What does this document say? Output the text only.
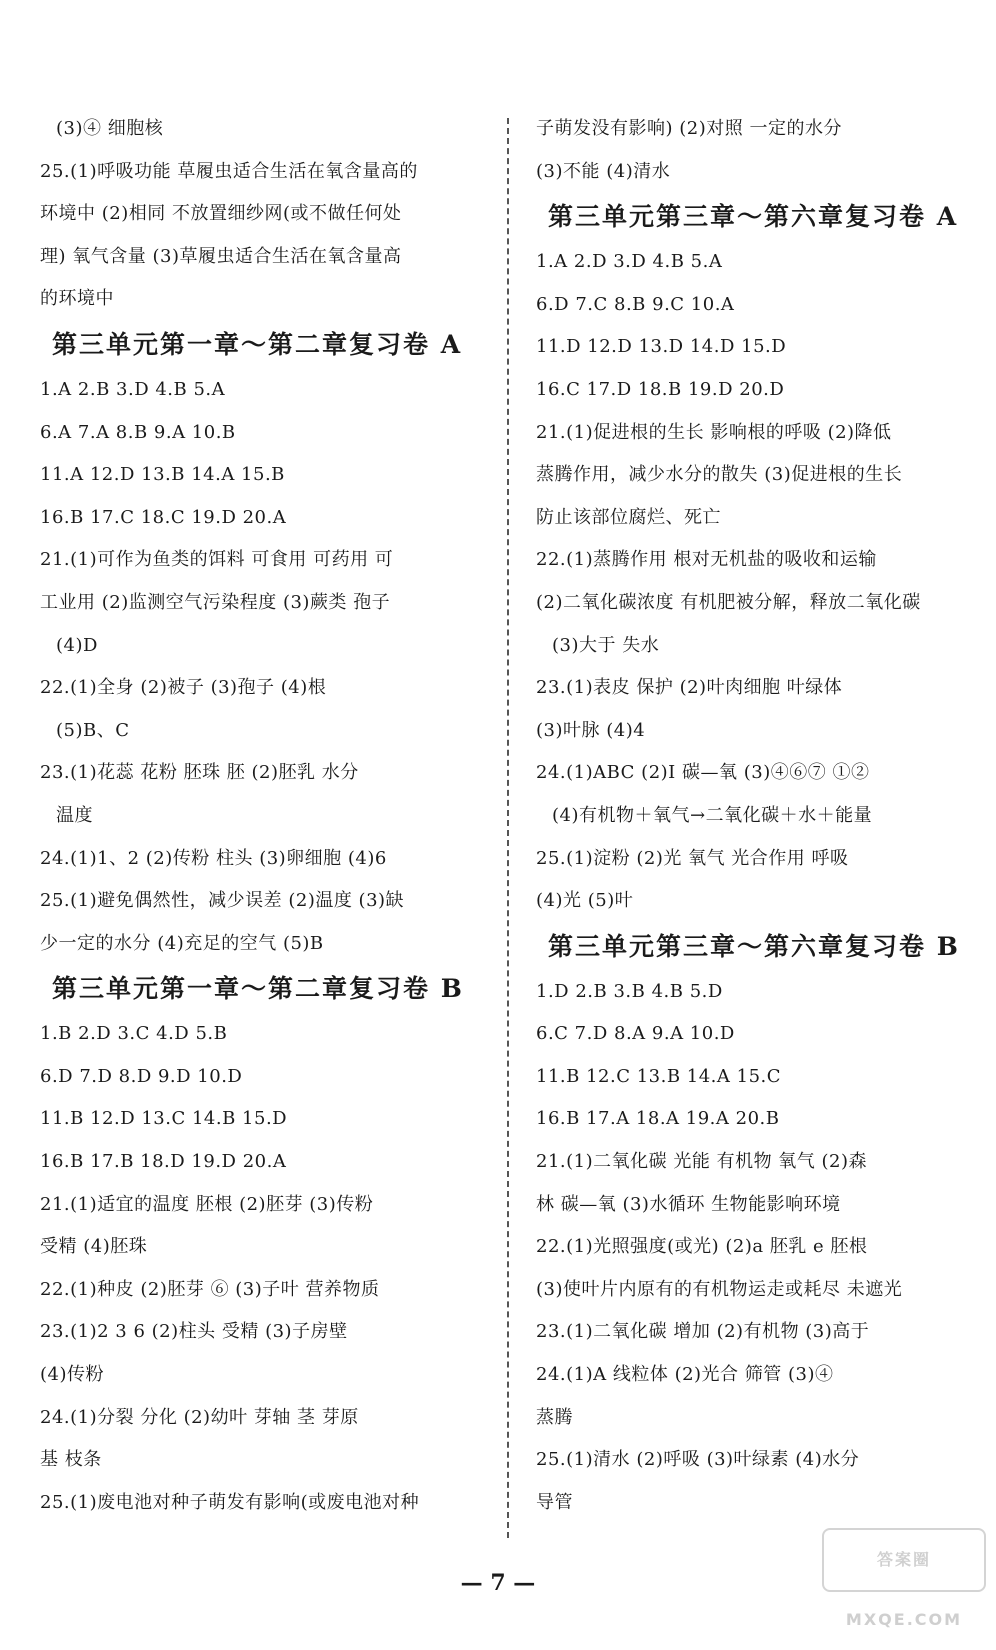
(3)④ 细胞核
25.(1)呼吸功能 草履虫适合生活在氧含量高的
环境中 (2)相同 不放置细纱网(或不做任何处
理) 氧气含量 (3)草履虫适合生活在氧含量高
的环境中
第三单元第一章～第二章复习卷 A
1.A 2.B 3.D 4.B 5.A
6.A 7.A 8.B 9.A 10.B
11.A 12.D 13.B 14.A 15.B
16.B 17.C 18.C 19.D 20.A
21.(1)可作为鱼类的饵料 可食用 可药用 可
工业用 (2)监测空气污染程度 (3)蕨类 孢子
(4)D
22.(1)全身 (2)被子 (3)孢子 (4)根
(5)B、C
23.(1)花蕊 花粉 胚珠 胚 (2)胚乳 水分
温度
24.(1)1、2 (2)传粉 柱头 (3)卵细胞 (4)6
25.(1)避免偶然性，减少误差 (2)温度 (3)缺
少一定的水分 (4)充足的空气 (5)B
第三单元第一章～第二章复习卷 B
1.B 2.D 3.C 4.D 5.B
6.D 7.D 8.D 9.D 10.D
11.B 12.D 13.C 14.B 15.D
16.B 17.B 18.D 19.D 20.A
21.(1)适宜的温度 胚根 (2)胚芽 (3)传粉
受精 (4)胚珠
22.(1)种皮 (2)胚芽 ⑥ (3)子叶 营养物质
23.(1)2 3 6 (2)柱头 受精 (3)子房壁
(4)传粉
24.(1)分裂 分化 (2)幼叶 芽轴 茎 芽原
基 枝条
25.(1)废电池对种子萌发有影响(或废电池对种
子萌发没有影响) (2)对照 一定的水分
(3)不能 (4)清水
第三单元第三章～第六章复习卷 A
1.A 2.D 3.D 4.B 5.A
6.D 7.C 8.B 9.C 10.A
11.D 12.D 13.D 14.D 15.D
16.C 17.D 18.B 19.D 20.D
21.(1)促进根的生长 影响根的呼吸 (2)降低
蒸腾作用，减少水分的散失 (3)促进根的生长
防止该部位腐烂、死亡
22.(1)蒸腾作用 根对无机盐的吸收和运输
(2)二氧化碳浓度 有机肥被分解，释放二氧化碳
(3)大于 失水
23.(1)表皮 保护 (2)叶肉细胞 叶绿体
(3)叶脉 (4)4
24.(1)ABC (2)Ⅰ 碳—氧 (3)④⑥⑦ ①②
(4)有机物＋氧气→二氧化碳＋水＋能量
25.(1)淀粉 (2)光 氧气 光合作用 呼吸
(4)光 (5)叶
第三单元第三章～第六章复习卷 B
1.D 2.B 3.B 4.B 5.D
6.C 7.D 8.A 9.A 10.D
11.B 12.C 13.B 14.A 15.C
16.B 17.A 18.A 19.A 20.B
21.(1)二氧化碳 光能 有机物 氧气 (2)森
林 碳—氧 (3)水循环 生物能影响环境
22.(1)光照强度(或光) (2)a 胚乳 e 胚根
(3)使叶片内原有的有机物运走或耗尽 未遮光
23.(1)二氧化碳 增加 (2)有机物 (3)高于
24.(1)A 线粒体 (2)光合 筛管 (3)④
蒸腾
25.(1)清水 (2)呼吸 (3)叶绿素 (4)水分
导管
— 7 —
答案圈 MXQE.COM
